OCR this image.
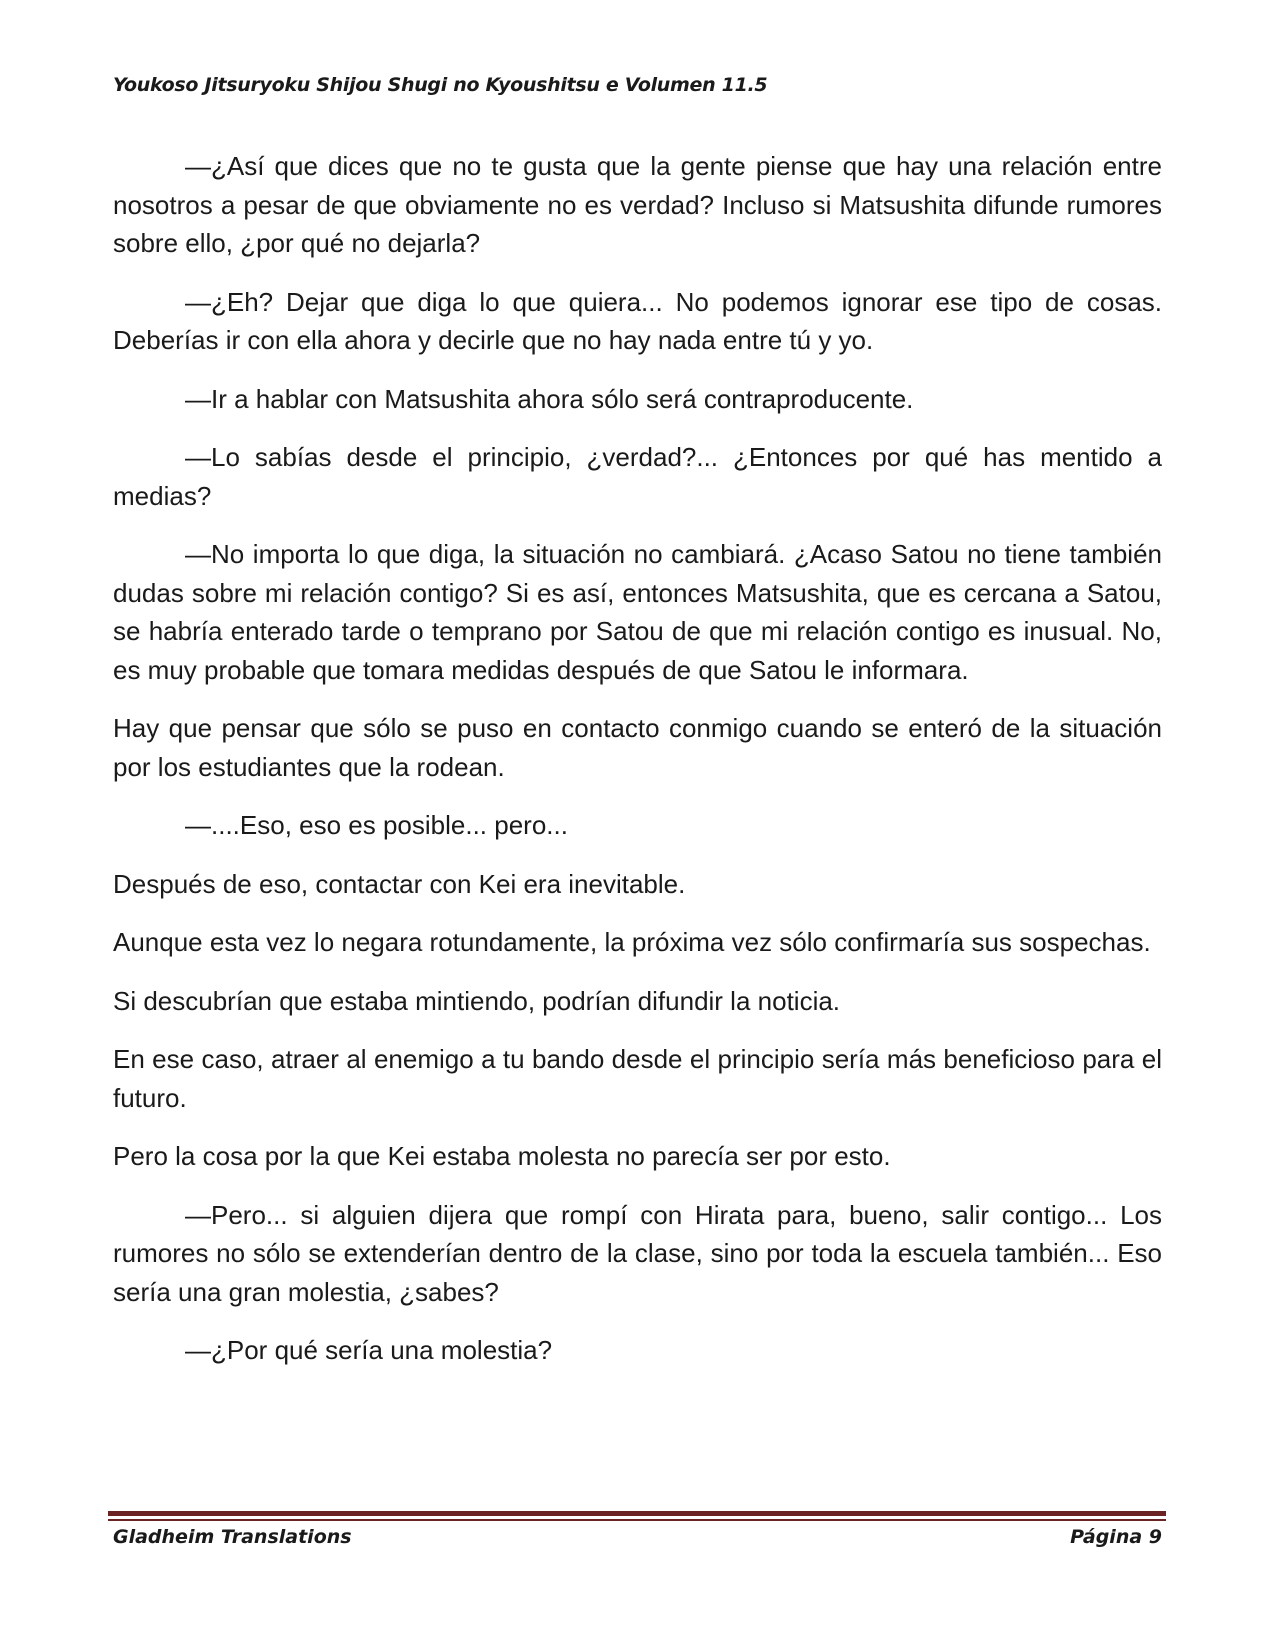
Youkoso Jitsuryoku Shijou Shugi no Kyoushitsu e Volumen 11.5

—¿Así que dices que no te gusta que la gente piense que hay una relación entre nosotros a pesar de que obviamente no es verdad? Incluso si Matsushita difunde rumores sobre ello, ¿por qué no dejarla?

—¿Eh? Dejar que diga lo que quiera... No podemos ignorar ese tipo de cosas. Deberías ir con ella ahora y decirle que no hay nada entre tú y yo.

—Ir a hablar con Matsushita ahora sólo será contraproducente.

—Lo sabías desde el principio, ¿verdad?... ¿Entonces por qué has mentido a medias?

—No importa lo que diga, la situación no cambiará. ¿Acaso Satou no tiene también dudas sobre mi relación contigo? Si es así, entonces Matsushita, que es cercana a Satou, se habría enterado tarde o temprano por Satou de que mi relación contigo es inusual. No, es muy probable que tomara medidas después de que Satou le informara.

Hay que pensar que sólo se puso en contacto conmigo cuando se enteró de la situación por los estudiantes que la rodean.

—....Eso, eso es posible... pero...

Después de eso, contactar con Kei era inevitable.

Aunque esta vez lo negara rotundamente, la próxima vez sólo confirmaría sus sospechas.

Si descubrían que estaba mintiendo, podrían difundir la noticia.

En ese caso, atraer al enemigo a tu bando desde el principio sería más beneficioso para el futuro.

Pero la cosa por la que Kei estaba molesta no parecía ser por esto.

—Pero... si alguien dijera que rompí con Hirata para, bueno, salir contigo... Los rumores no sólo se extenderían dentro de la clase, sino por toda la escuela también... Eso sería una gran molestia, ¿sabes?

—¿Por qué sería una molestia?

Gladheim Translations	Página 9
